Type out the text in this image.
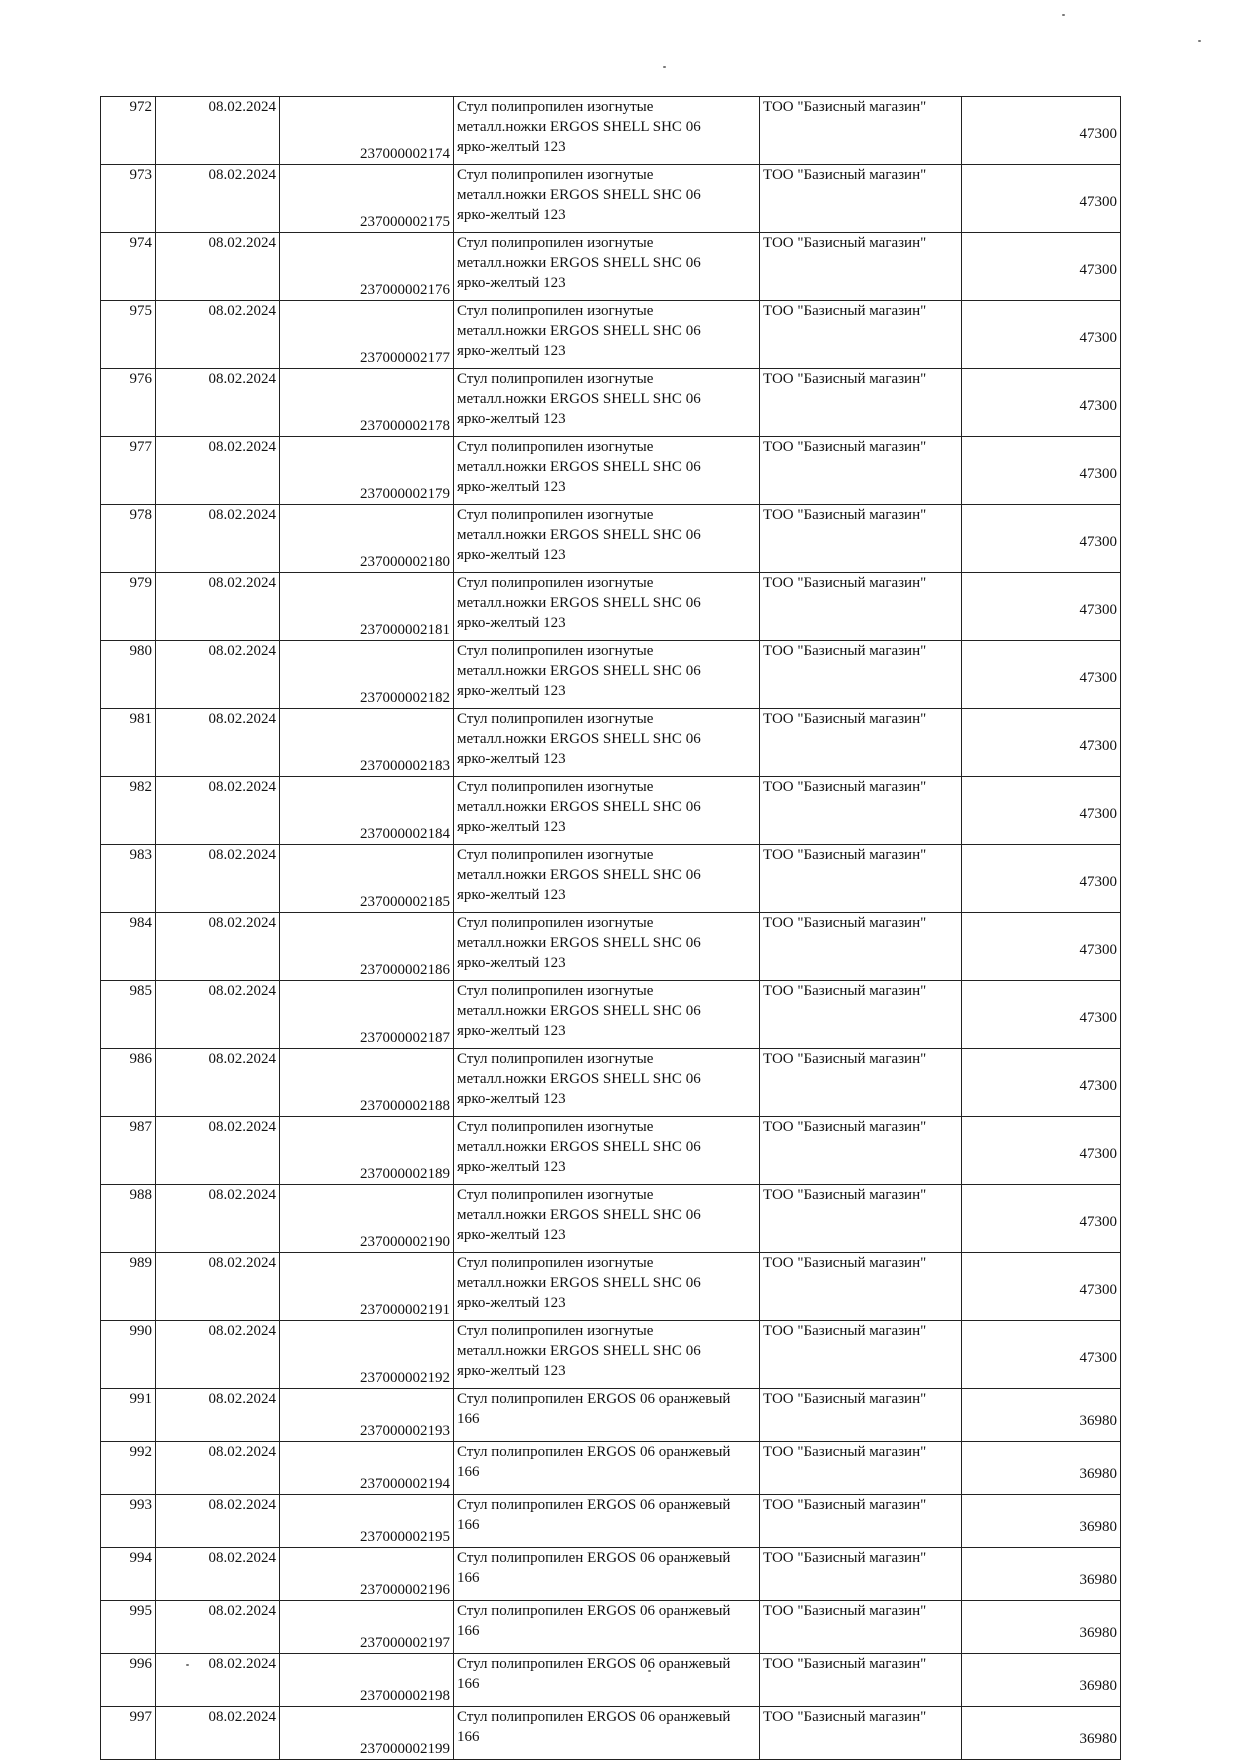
972	08.02.2024	237000002174	Стул полипропилен изогнутые
металл.ножки ERGOS SHELL SHC 06
ярко-желтый 123	ТОО "Базисный магазин"	47300
973	08.02.2024	237000002175	Стул полипропилен изогнутые
металл.ножки ERGOS SHELL SHC 06
ярко-желтый 123	ТОО "Базисный магазин"	47300
974	08.02.2024	237000002176	Стул полипропилен изогнутые
металл.ножки ERGOS SHELL SHC 06
ярко-желтый 123	ТОО "Базисный магазин"	47300
975	08.02.2024	237000002177	Стул полипропилен изогнутые
металл.ножки ERGOS SHELL SHC 06
ярко-желтый 123	ТОО "Базисный магазин"	47300
976	08.02.2024	237000002178	Стул полипропилен изогнутые
металл.ножки ERGOS SHELL SHC 06
ярко-желтый 123	ТОО "Базисный магазин"	47300
977	08.02.2024	237000002179	Стул полипропилен изогнутые
металл.ножки ERGOS SHELL SHC 06
ярко-желтый 123	ТОО "Базисный магазин"	47300
978	08.02.2024	237000002180	Стул полипропилен изогнутые
металл.ножки ERGOS SHELL SHC 06
ярко-желтый 123	ТОО "Базисный магазин"	47300
979	08.02.2024	237000002181	Стул полипропилен изогнутые
металл.ножки ERGOS SHELL SHC 06
ярко-желтый 123	ТОО "Базисный магазин"	47300
980	08.02.2024	237000002182	Стул полипропилен изогнутые
металл.ножки ERGOS SHELL SHC 06
ярко-желтый 123	ТОО "Базисный магазин"	47300
981	08.02.2024	237000002183	Стул полипропилен изогнутые
металл.ножки ERGOS SHELL SHC 06
ярко-желтый 123	ТОО "Базисный магазин"	47300
982	08.02.2024	237000002184	Стул полипропилен изогнутые
металл.ножки ERGOS SHELL SHC 06
ярко-желтый 123	ТОО "Базисный магазин"	47300
983	08.02.2024	237000002185	Стул полипропилен изогнутые
металл.ножки ERGOS SHELL SHC 06
ярко-желтый 123	ТОО "Базисный магазин"	47300
984	08.02.2024	237000002186	Стул полипропилен изогнутые
металл.ножки ERGOS SHELL SHC 06
ярко-желтый 123	ТОО "Базисный магазин"	47300
985	08.02.2024	237000002187	Стул полипропилен изогнутые
металл.ножки ERGOS SHELL SHC 06
ярко-желтый 123	ТОО "Базисный магазин"	47300
986	08.02.2024	237000002188	Стул полипропилен изогнутые
металл.ножки ERGOS SHELL SHC 06
ярко-желтый 123	ТОО "Базисный магазин"	47300
987	08.02.2024	237000002189	Стул полипропилен изогнутые
металл.ножки ERGOS SHELL SHC 06
ярко-желтый 123	ТОО "Базисный магазин"	47300
988	08.02.2024	237000002190	Стул полипропилен изогнутые
металл.ножки ERGOS SHELL SHC 06
ярко-желтый 123	ТОО "Базисный магазин"	47300
989	08.02.2024	237000002191	Стул полипропилен изогнутые
металл.ножки ERGOS SHELL SHC 06
ярко-желтый 123	ТОО "Базисный магазин"	47300
990	08.02.2024	237000002192	Стул полипропилен изогнутые
металл.ножки ERGOS SHELL SHC 06
ярко-желтый 123	ТОО "Базисный магазин"	47300
991	08.02.2024	237000002193	Стул полипропилен ERGOS 06 оранжевый
166	ТОО "Базисный магазин"	36980
992	08.02.2024	237000002194	Стул полипропилен ERGOS 06 оранжевый
166	ТОО "Базисный магазин"	36980
993	08.02.2024	237000002195	Стул полипропилен ERGOS 06 оранжевый
166	ТОО "Базисный магазин"	36980
994	08.02.2024	237000002196	Стул полипропилен ERGOS 06 оранжевый
166	ТОО "Базисный магазин"	36980
995	08.02.2024	237000002197	Стул полипропилен ERGOS 06 оранжевый
166	ТОО "Базисный магазин"	36980
996	08.02.2024	237000002198	Стул полипропилен ERGOS 06 оранжевый
166	ТОО "Базисный магазин"	36980
997	08.02.2024	237000002199	Стул полипропилен ERGOS 06 оранжевый
166	ТОО "Базисный магазин"	36980
